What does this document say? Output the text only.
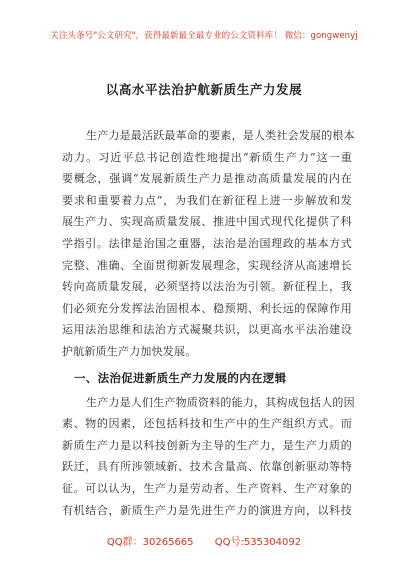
关注头条号"公文研究"，获得最新最全最专业的公文资料库！ 微信：gongwenyj
以高水平法治护航新质生产力发展
生产力是最活跃最革命的要素，是人类社会发展的根本
动力。习近平总书记创造性地提出“新质生产力”这一重
要概念，强调“发展新质生产力是推动高质量发展的内在
要求和重要着力点”，为我们在新征程上进一步解放和发
展生产力、实现高质量发展、推进中国式现代化提供了科
学指引。法律是治国之重器，法治是治国理政的基本方式
完整、准确、全面贯彻新发展理念，实现经济从高速增长
转向高质量发展，必须坚持以法治为引领。新征程上，我
们必须充分发挥法治固根本、稳预期、利长远的保障作用
运用法治思维和法治方式凝聚共识，以更高水平法治建设
护航新质生产力加快发展。
一、法治促进新质生产力发展的内在逻辑
生产力是人们生产物质资料的能力，其构成包括人的因
素、物的因素，还包括科技和生产中的生产组织方式。而
新质生产力是以科技创新为主导的生产力，是生产力质的
跃迁，具有所涉领域新、技术含量高、依靠创新驱动等特
征。可以认为，生产力是劳动者、生产资料、生产对象的
有机结合，新质生产力是先进生产力的演进方向，以科技
QQ群：30265665 QQ号:535304092
